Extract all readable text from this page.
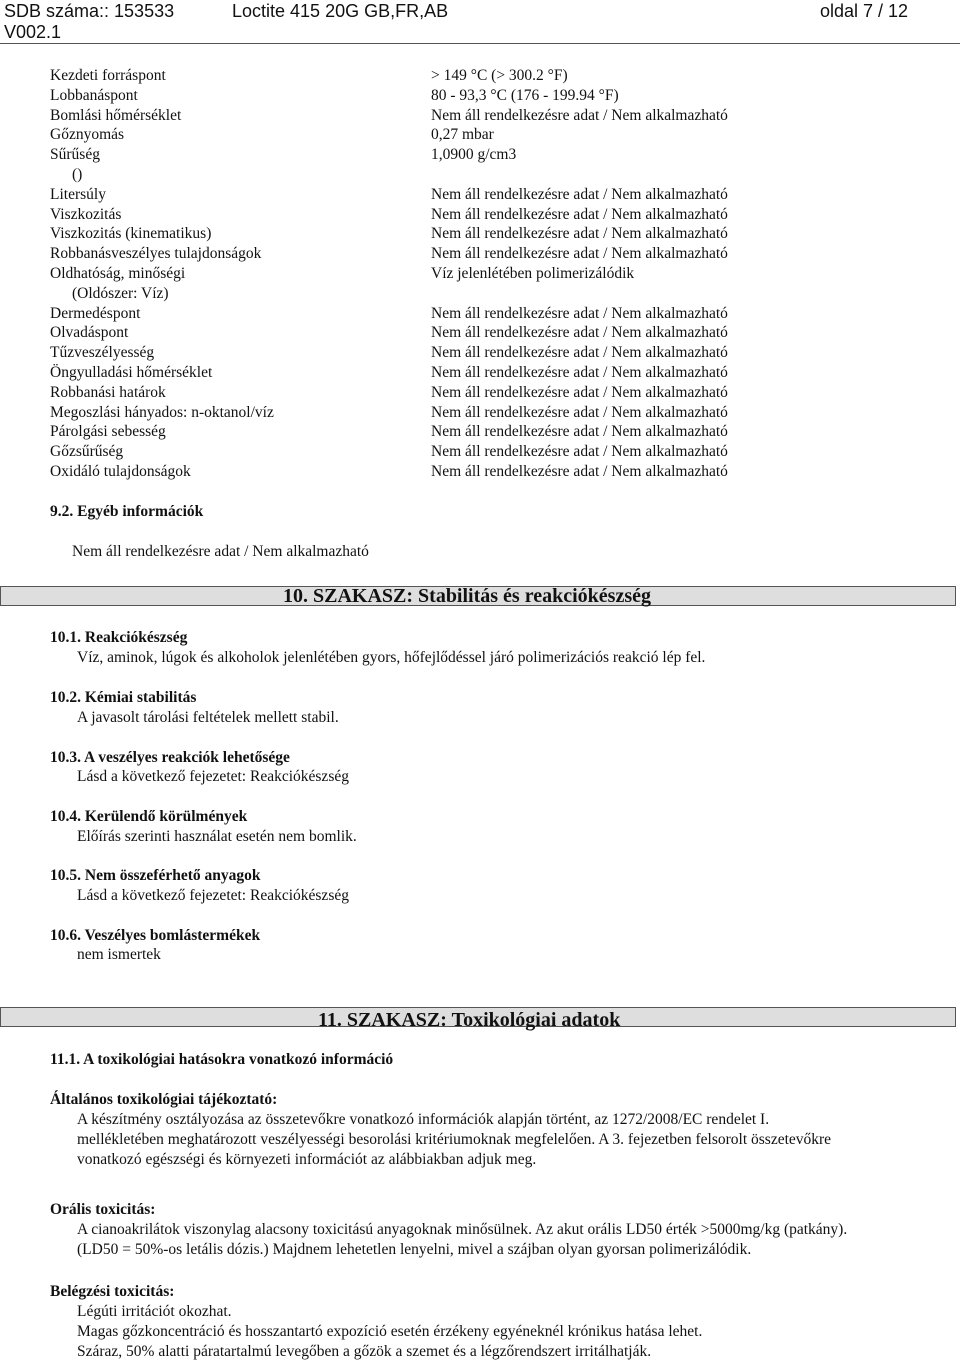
SDB száma:: 153533
V002.1
Loctite 415 20G GB,FR,AB	oldal 7 / 12
Kezdeti forráspont	> 149 °C (> 300.2 °F)
Lobbanáspont	80 - 93,3 °C (176 - 199.94 °F)
Bomlási hőmérséklet	Nem áll rendelkezésre adat / Nem alkalmazható
Gőznyomás	0,27 mbar
Sűrűség	1,0900 g/cm3
()
Litersúly	Nem áll rendelkezésre adat / Nem alkalmazható
Viszkozitás	Nem áll rendelkezésre adat / Nem alkalmazható
Viszkozitás (kinematikus)	Nem áll rendelkezésre adat / Nem alkalmazható
Robbanásveszélyes tulajdonságok	Nem áll rendelkezésre adat / Nem alkalmazható
Oldhatóság, minőségi	Víz jelenlétében polimerizálódik
(Oldószer: Víz)
Dermedéspont	Nem áll rendelkezésre adat / Nem alkalmazható
Olvadáspont	Nem áll rendelkezésre adat / Nem alkalmazható
Tűzveszélyesség	Nem áll rendelkezésre adat / Nem alkalmazható
Öngyulladási hőmérséklet	Nem áll rendelkezésre adat / Nem alkalmazható
Robbanási határok	Nem áll rendelkezésre adat / Nem alkalmazható
Megoszlási hányados: n-oktanol/víz	Nem áll rendelkezésre adat / Nem alkalmazható
Párolgási sebesség	Nem áll rendelkezésre adat / Nem alkalmazható
Gőzsűrűség	Nem áll rendelkezésre adat / Nem alkalmazható
Oxidáló tulajdonságok	Nem áll rendelkezésre adat / Nem alkalmazható
9.2. Egyéb információk
Nem áll rendelkezésre adat / Nem alkalmazható
10. SZAKASZ: Stabilitás és reakciókészség
10.1. Reakciókészség
Víz, aminok, lúgok és alkoholok jelenlétében gyors, hőfejlődéssel járó polimerizációs reakció lép fel.
10.2. Kémiai stabilitás
A javasolt tárolási feltételek mellett stabil.
10.3. A veszélyes reakciók lehetősége
Lásd a következő fejezetet: Reakciókészség
10.4. Kerülendő körülmények
Előírás szerinti használat esetén nem bomlik.
10.5. Nem összeférhető anyagok
Lásd a következő fejezetet: Reakciókészség
10.6. Veszélyes bomlástermékek
nem ismertek
11. SZAKASZ: Toxikológiai adatok
11.1. A toxikológiai hatásokra vonatkozó információ
Általános toxikológiai tájékoztató:
A készítmény osztályozása az összetevőkre vonatkozó információk alapján történt, az 1272/2008/EC rendelet I.
mellékletében meghatározott veszélyességi besorolási kritériumoknak megfelelően. A 3. fejezetben felsorolt összetevőkre
vonatkozó egészségi és környezeti információt az alábbiakban adjuk meg.
Orális toxicitás:
A cianoakrilátok viszonylag alacsony toxicitású anyagoknak minősülnek. Az akut orális LD50 érték >5000mg/kg (patkány).
(LD50 = 50%-os letális dózis.) Majdnem lehetetlen lenyelni, mivel a szájban olyan gyorsan polimerizálódik.
Belégzési toxicitás:
Légúti irritációt okozhat.
Magas gőzkoncentráció és hosszantartó expozíció esetén érzékeny egyéneknél krónikus hatása lehet.
Száraz, 50% alatti páratartalmú levegőben a gőzök a szemet és a légzőrendszert irritálhatják.
